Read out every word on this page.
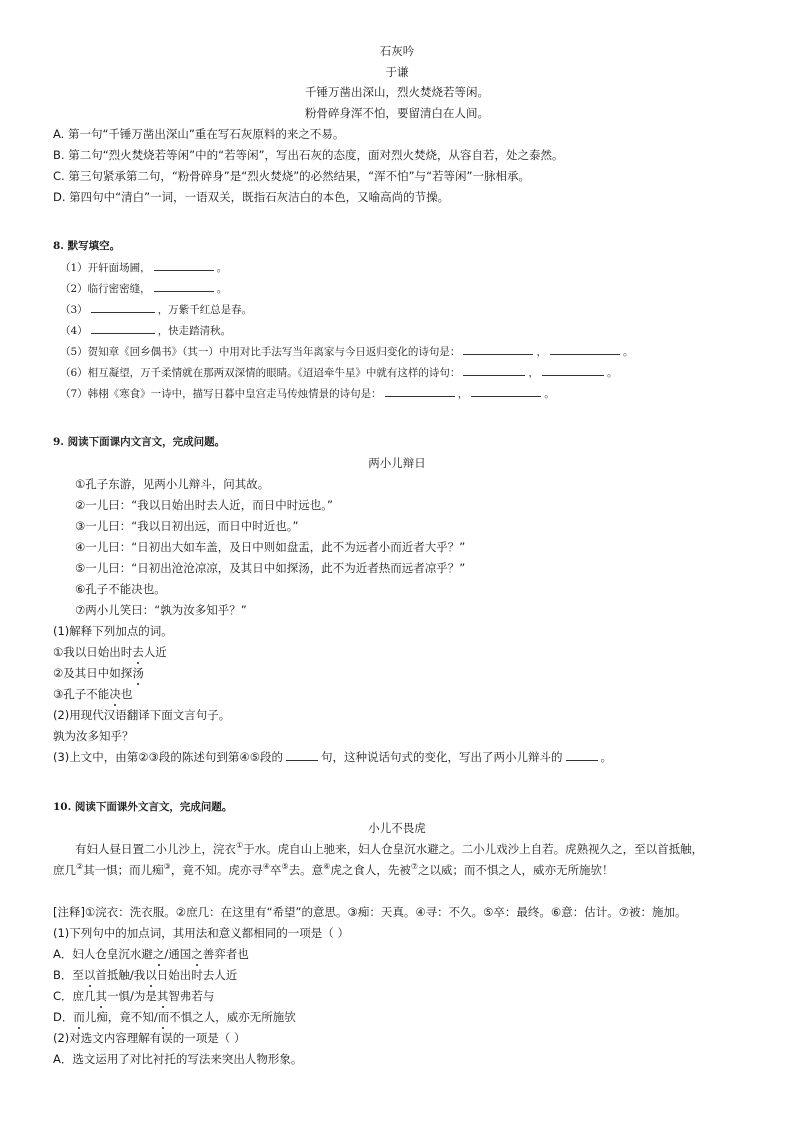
石灰吟
于谦
千锤万凿出深山，烈火焚烧若等闲。
粉骨碎身浑不怕，要留清白在人间。
A. 第一句“千锤万凿出深山”重在写石灰原料的来之不易。
B. 第二句“烈火焚烧若等闲”中的“若等闲”，写出石灰的态度，面对烈火焚烧，从容自若，处之泰然。
C. 第三句紧承第二句，“粉骨碎身”是“烈火焚烧”的必然结果，“浑不怕”与“若等闲”一脉相承。
D. 第四句中“清白”一词，一语双关，既指石灰洁白的本色，又喻高尚的节操。
8. 默写填空。
（1）开轩面场圃，	。
（2）临行密密缝，	。
（3）	，万紫千红总是春。
（4）	，快走踏清秋。
（5）贺知章《回乡偶书》（其一）中用对比手法写当年离家与今日返归变化的诗句是：	，	。
（6）相互凝望，万千柔情就在那两双深情的眼睛。《迢迢牵牛星》中就有这样的诗句：	，	。
（7）韩栩《寒食》一诗中，描写日暮中皇宫走马传烛情景的诗句是：	，	。
9. 阅读下面课内文言文，完成问题。
两小儿辩日
①孔子东游，见两小儿辩斗，问其故。
②一儿曰：“我以日始出时去人近，而日中时远也。”
③一儿曰：“我以日初出远，而日中时近也。”
④一儿曰：“日初出大如车盖，及日中则如盘盂，此不为远者小而近者大乎？”
⑤一儿曰：“日初出沧沧凉凉，及其日中如探汤，此不为近者热而远者凉乎？”
⑥孔子不能决也。
⑦两小儿笑曰：“孰为汝多知乎？”
(1)解释下列加点的词。
①我以日始出时去人近
②及其日中如探汤
③孔子不能决也
(2)用现代汉语翻译下面文言句子。
孰为汝多知乎？
(3)上文中，由第②③段的陈述句到第④⑤段的	句，这种说话句式的变化，写出了两小儿辩斗的	。
10. 阅读下面课外文言文，完成问题。
小儿不畏虎
有妇人昼日置二小儿沙上，浣衣①于水。虎自山上驰来，妇人仓皇沉水避之。二小儿戏沙上自若。虎熟视久之，至以首抵触，
庶几②其一惧；而儿痴③，竟不知。虎亦寻④卒⑤去。意⑥虎之食人，先被⑦之以威；而不惧之人，威亦无所施欤！
[注释]①浣衣：洗衣服。②庶几：在这里有“希望”的意思。③痴：天真。④寻：不久。⑤卒：最终。⑥意：估计。⑦被：施加。
(1)下列句中的加点词，其用法和意义都相同的一项是（ ）
A．妇人仓皇沉水避之/通国之善弈者也
B．至以首抵触/我以日始出时去人近
C．庶几其一惧/为是其智弗若与
D．而儿痴，竟不知/而不惧之人，威亦无所施欤
(2)对选文内容理解有误的一项是（ ）
A．选文运用了对比衬托的写法来突出人物形象。
